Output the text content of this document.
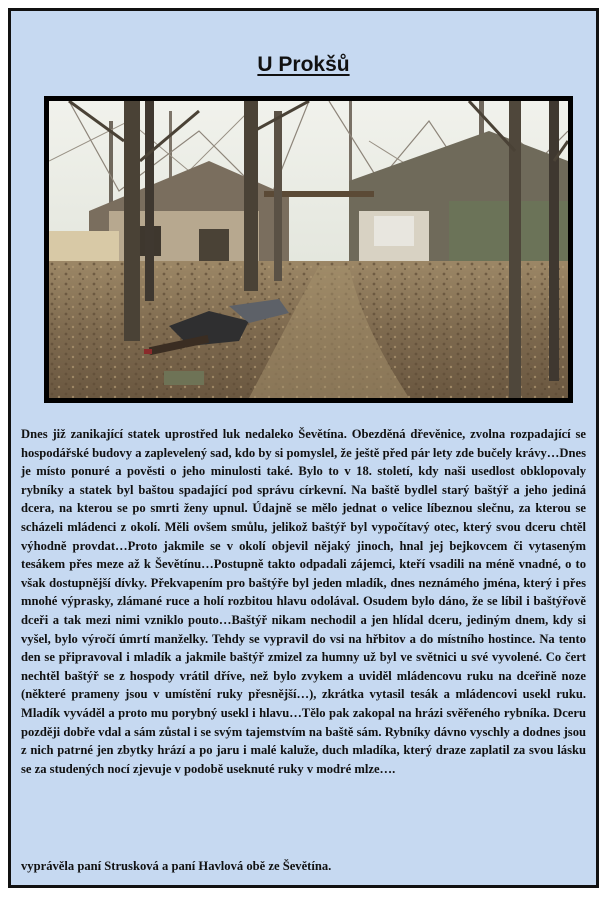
U Prokšů

Dnes již zanikající statek uprostřed luk nedaleko Ševětína. Obezděná dřevěnice, zvolna rozpadající se hospodářské budovy a zaplevelený sad, kdo by si pomyslel, že ještě před pár lety zde bučely krávy…Dnes je místo ponuré a pověsti o jeho minulosti také. Bylo to v 18. století, kdy naši usedlost obklopovaly rybníky a statek byl baštou spadající pod správu církevní. Na baště bydlel starý baštýř a jeho jediná dcera, na kterou se po smrti ženy upnul. Údajně se mělo jednat o velice líbeznou slečnu, za kterou se scházeli mládenci z okolí. Měli ovšem smůlu, jelikož baštýř byl vypočítavý otec, který svou dceru chtěl výhodně provdat…Proto jakmile se v okolí objevil nějaký jinoch, hnal jej bejkovcem či vytaseným tesákem přes meze až k Ševětínu…Postupně takto odpadali zájemci, kteří vsadili na méně vnadné, o to však dostupnější dívky. Překvapením pro baštýře byl jeden mladík, dnes neznámého jména, který i přes mnohé výprasky, zlámané ruce a holí rozbitou hlavu odolával. Osudem bylo dáno, že se líbil i baštýřově dceři a tak mezi nimi vzniklo pouto…Baštýř nikam nechodil a jen hlídal dceru, jediným dnem, kdy si vyšel, bylo výročí úmrtí manželky. Tehdy se vypravil do vsi na hřbitov a do místního hostince. Na tento den se připravoval i mladík a jakmile baštýř zmizel za humny už byl ve světnici u své vyvolené. Co čert nechtěl baštýř se z hospody vrátil dříve, než bylo zvykem a uviděl mládencovu ruku na dceřině noze (některé prameny jsou v umístění ruky přesnější…), zkrátka vytasil tesák a mládencovi usekl ruku. Mladík vyváděl a proto mu porybný usekl i hlavu…Tělo pak zakopal na hrázi svěřeného rybníka. Dceru později dobře vdal a sám zůstal i se svým tajemstvím na baště sám. Rybníky dávno vyschly a dodnes jsou z nich patrné jen zbytky hrází a po jaru i malé kaluže, duch mladíka, který draze zaplatil za svou lásku se za studených nocí zjevuje v podobě useknuté ruky v modré mlze….

vyprávěla paní Strusková a paní Havlová obě ze Ševětína.
